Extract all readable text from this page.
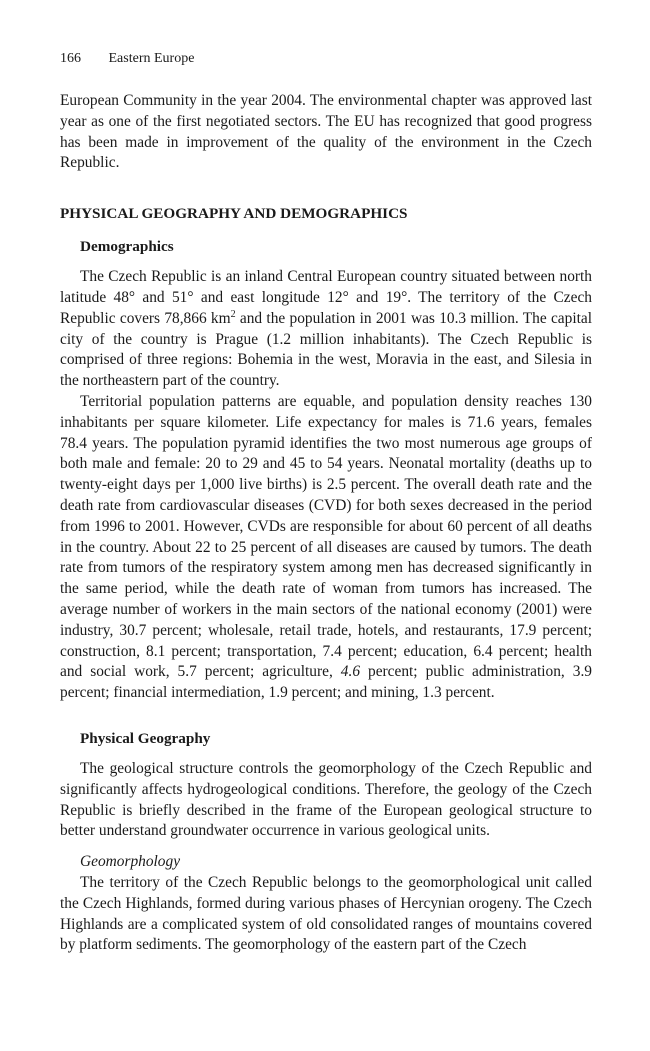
166 Eastern Europe

European Community in the year 2004. The environmental chapter was approved last year as one of the first negotiated sectors. The EU has recognized that good progress has been made in improvement of the quality of the environment in the Czech Republic.

PHYSICAL GEOGRAPHY AND DEMOGRAPHICS
Demographics

The Czech Republic is an inland Central European country situated between north latitude 48° and 51° and east longitude 12° and 19°. The territory of the Czech Republic covers 78,866 $km^2$ and the population in 2001 was 10.3 million. The capital city of the country is Prague (1.2 million inhabitants). The Czech Republic is comprised of three regions: Bohemia in the west, Moravia in the east, and Silesia in the northeastern part of the country.

Territorial population patterns are equable, and population density reaches 130 inhabitants per square kilometer. Life expectancy for males is 71.6 years, females 78.4 years. The population pyramid identifies the two most numerous age groups of both male and female: 20 to 29 and 45 to 54 years. Neonatal mortality (deaths up to twenty-eight days per 1,000 live births) is 2.5 percent. The overall death rate and the death rate from cardiovascular diseases (CVD) for both sexes decreased in the period from 1996 to 2001. However, CVDs are responsible for about 60 percent of all deaths in the country. About 22 to 25 percent of all diseases are caused by tumors. The death rate from tumors of the respiratory system among men has decreased significantly in the same period, while the death rate of woman from tumors has increased. The average number of workers in the main sectors of the national economy (2001) were industry, 30.7 percent; wholesale, retail trade, hotels, and restaurants, 17.9 percent; construction, 8.1 percent; transportation, 7.4 percent; education, 6.4 percent; health and social work, 5.7 percent; agriculture, 4.6 percent; public administration, 3.9 percent; financial intermediation, 1.9 percent; and mining, 1.3 percent.

Physical Geography

The geological structure controls the geomorphology of the Czech Republic and significantly affects hydrogeological conditions. Therefore, the geology of the Czech Republic is briefly described in the frame of the European geological structure to better understand groundwater occurrence in various geological units.

Geomorphology

The territory of the Czech Republic belongs to the geomorphological unit called the Czech Highlands, formed during various phases of Hercynian orogeny. The Czech Highlands are a complicated system of old consolidated ranges of mountains covered by platform sediments. The geomorphology of the eastern part of the Czech
